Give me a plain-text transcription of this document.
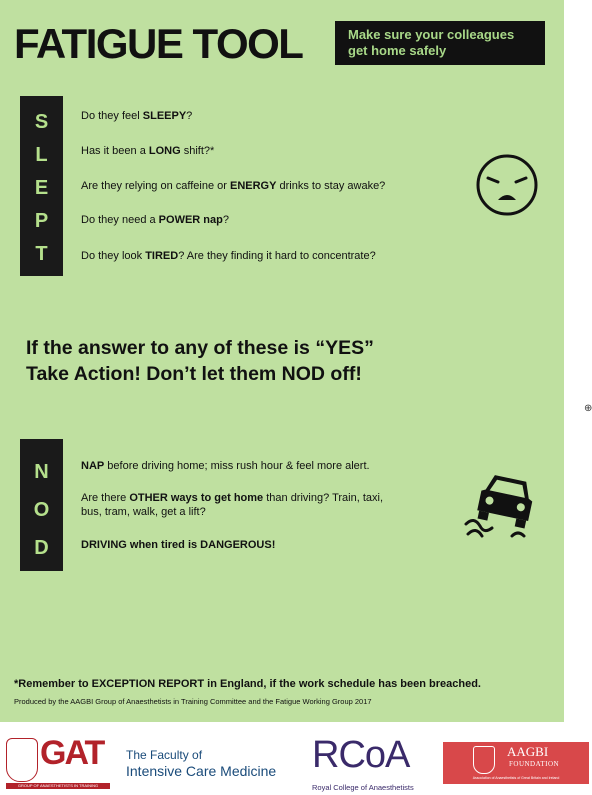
FATIGUE TOOL	Make sure your colleagues
get home safely
S
L
E
P
T
Do they feel SLEEPY?
Has it been a LONG shift?*
Are they relying on caffeine or ENERGY drinks to stay awake?
Do they need a POWER nap?
Do they look TIRED? Are they finding it hard to concentrate?
If the answer to any of these is “YES”
Take Action! Don’t let them NOD off!
N
O
D
NAP before driving home; miss rush hour & feel more alert.
Are there OTHER ways to get home than driving? Train, taxi,
bus, tram, walk, get a lift?
DRIVING when tired is DANGEROUS!
*Remember to EXCEPTION REPORT in England, if the work schedule has been breached.
Produced by the AAGBI Group of Anaesthetists in Training Committee and the Fatigue Working Group 2017
⊕
GAT
GROUP OF ANAESTHETISTS IN TRAINING
The Faculty of
Intensive Care Medicine RCoA
Royal College of Anaesthetists
AAGBI
FOUNDATION
Association of Anaesthetists of Great Britain and Ireland
